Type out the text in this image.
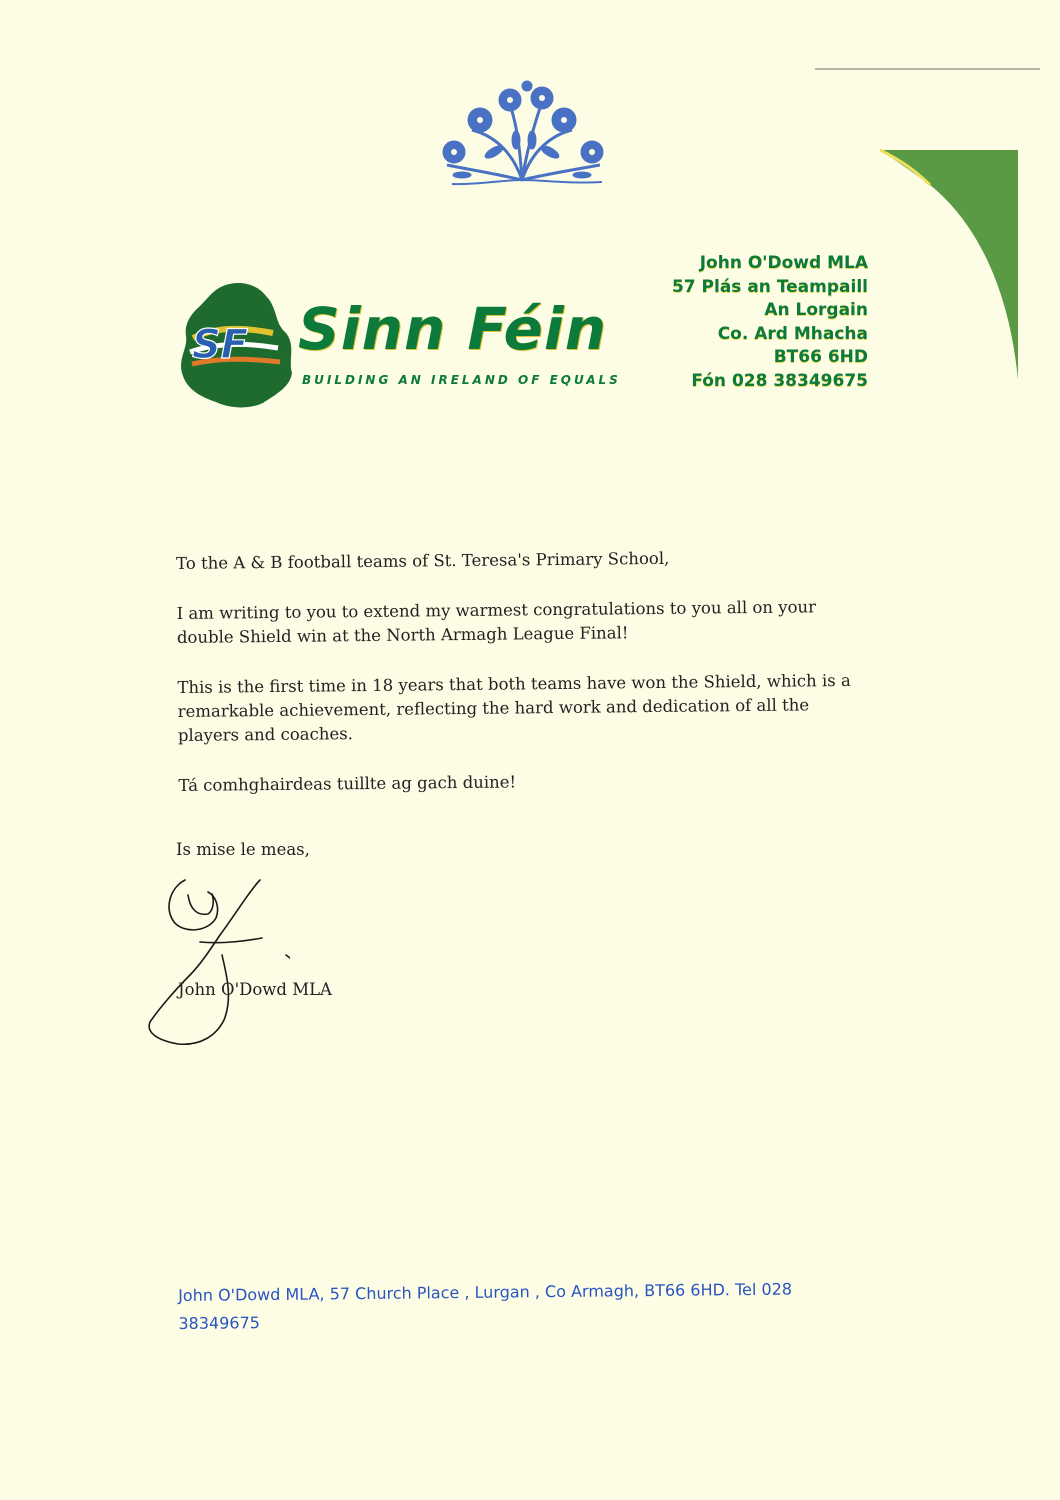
SF Sinn Féin
BUILDING AN IRELAND OF EQUALS
John O'Dowd MLA
57 Plás an Teampaill
An Lorgain
Co. Ard Mhacha
BT66 6HD
Fón 028 38349675

To the A & B football teams of St. Teresa's Primary School,

I am writing to you to extend my warmest congratulations to you all on your double Shield win at the North Armagh League Final!

This is the first time in 18 years that both teams have won the Shield, which is a remarkable achievement, reflecting the hard work and dedication of all the players and coaches.

Tá comhghairdeas tuillte ag gach duine!

Is mise le meas,
John O'Dowd MLA
John O'Dowd MLA, 57 Church Place , Lurgan , Co Armagh, BT66 6HD. Tel 028
38349675
